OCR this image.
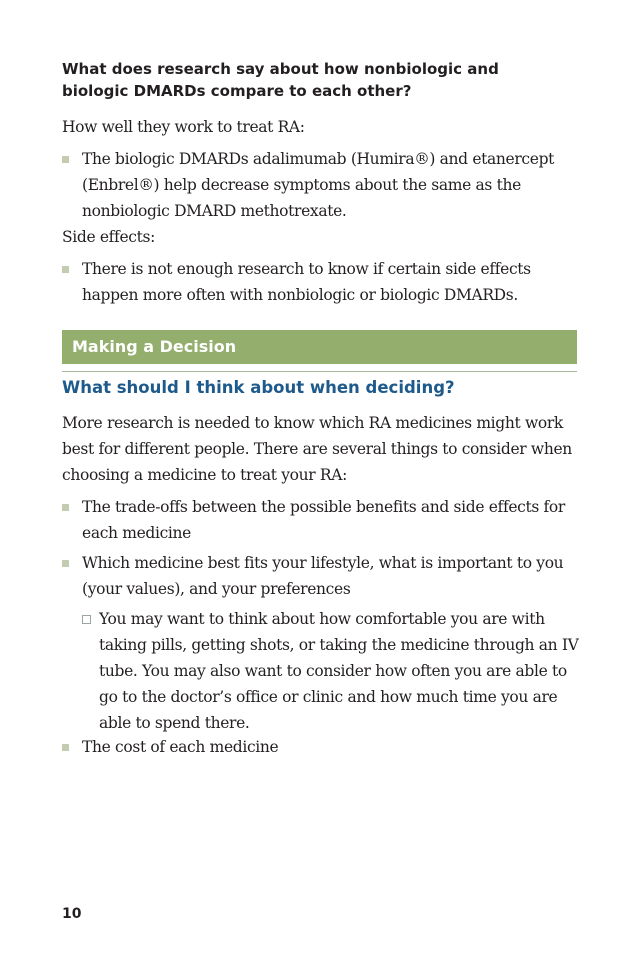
What does research say about how nonbiologic and biologic DMARDs compare to each other?

How well they work to treat RA:

The biologic DMARDs adalimumab (Humira®) and etanercept (Enbrel®) help decrease symptoms about the same as the nonbiologic DMARD methotrexate.

Side effects:

There is not enough research to know if certain side effects happen more often with nonbiologic or biologic DMARDs.
Making a Decision
What should I think about when deciding?

More research is needed to know which RA medicines might work best for different people. There are several things to consider when choosing a medicine to treat your RA:

The trade-offs between the possible benefits and side effects for each medicine
Which medicine best fits your lifestyle, what is important to you (your values), and your preferences
You may want to think about how comfortable you are with taking pills, getting shots, or taking the medicine through an IV tube. You may also want to consider how often you are able to go to the doctor’s office or clinic and how much time you are able to spend there.
The cost of each medicine
10
